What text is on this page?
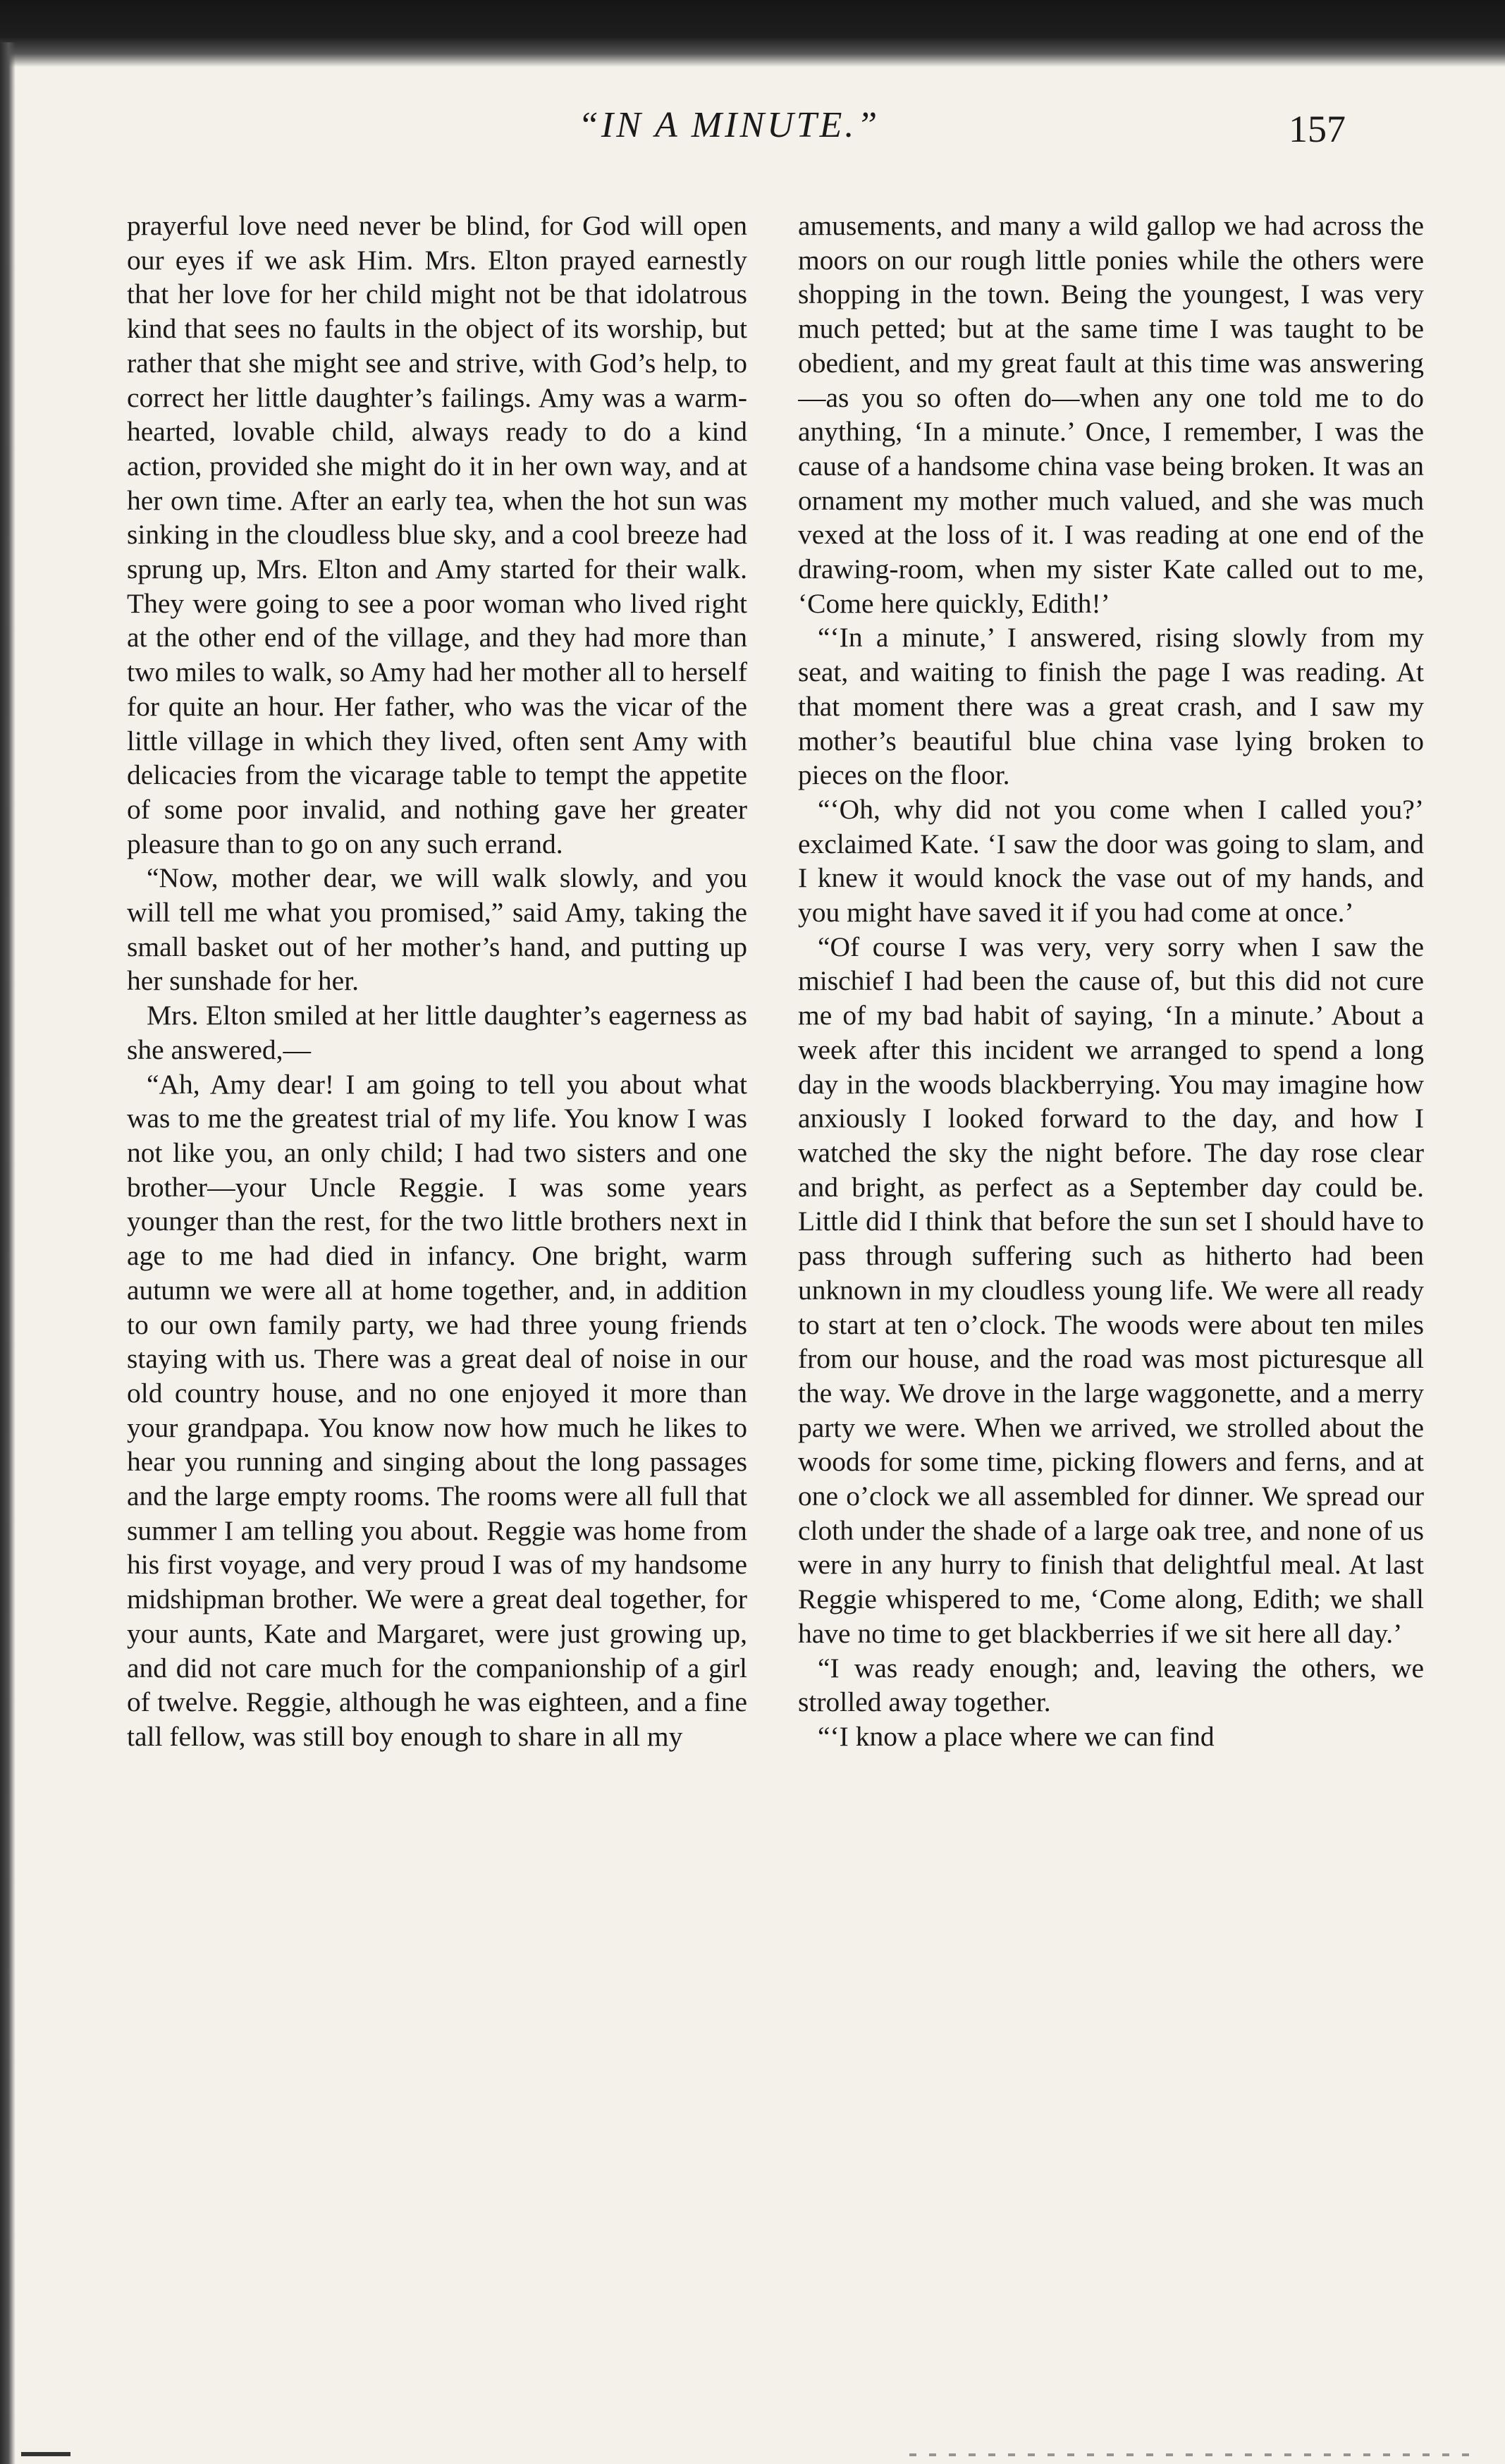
“IN A MINUTE.”	157

prayerful love need never be blind, for God will open our eyes if we ask Him. Mrs. Elton prayed earnestly that her love for her child might not be that idolatrous kind that sees no faults in the object of its worship, but rather that she might see and strive, with God’s help, to correct her little daughter’s failings. Amy was a warm-hearted, lovable child, always ready to do a kind action, provided she might do it in her own way, and at her own time. After an early tea, when the hot sun was sinking in the cloudless blue sky, and a cool breeze had sprung up, Mrs. Elton and Amy started for their walk. They were going to see a poor woman who lived right at the other end of the village, and they had more than two miles to walk, so Amy had her mother all to herself for quite an hour. Her father, who was the vicar of the little village in which they lived, often sent Amy with delicacies from the vicarage table to tempt the appetite of some poor invalid, and nothing gave her greater pleasure than to go on any such errand.

“Now, mother dear, we will walk slowly, and you will tell me what you promised,” said Amy, taking the small basket out of her mother’s hand, and putting up her sunshade for her.

Mrs. Elton smiled at her little daughter’s eagerness as she answered,—

“Ah, Amy dear! I am going to tell you about what was to me the greatest trial of my life. You know I was not like you, an only child; I had two sisters and one brother—your Uncle Reggie. I was some years younger than the rest, for the two little brothers next in age to me had died in infancy. One bright, warm autumn we were all at home together, and, in addition to our own family party, we had three young friends staying with us. There was a great deal of noise in our old country house, and no one enjoyed it more than your grandpapa. You know now how much he likes to hear you running and singing about the long passages and the large empty rooms. The rooms were all full that summer I am telling you about. Reggie was home from his first voyage, and very proud I was of my handsome midshipman brother. We were a great deal together, for your aunts, Kate and Margaret, were just growing up, and did not care much for the companionship of a girl of twelve. Reggie, although he was eighteen, and a fine tall fellow, was still boy enough to share in all my

amusements, and many a wild gallop we had across the moors on our rough little ponies while the others were shopping in the town. Being the youngest, I was very much petted; but at the same time I was taught to be obedient, and my great fault at this time was answering—as you so often do—when any one told me to do anything, ‘In a minute.’ Once, I remember, I was the cause of a handsome china vase being broken. It was an ornament my mother much valued, and she was much vexed at the loss of it. I was reading at one end of the drawing-room, when my sister Kate called out to me, ‘Come here quickly, Edith!’

“‘In a minute,’ I answered, rising slowly from my seat, and waiting to finish the page I was reading. At that moment there was a great crash, and I saw my mother’s beautiful blue china vase lying broken to pieces on the floor.

“‘Oh, why did not you come when I called you?’ exclaimed Kate. ‘I saw the door was going to slam, and I knew it would knock the vase out of my hands, and you might have saved it if you had come at once.’

“Of course I was very, very sorry when I saw the mischief I had been the cause of, but this did not cure me of my bad habit of saying, ‘In a minute.’ About a week after this incident we arranged to spend a long day in the woods blackberrying. You may imagine how anxiously I looked forward to the day, and how I watched the sky the night before. The day rose clear and bright, as perfect as a September day could be. Little did I think that before the sun set I should have to pass through suffering such as hitherto had been unknown in my cloudless young life. We were all ready to start at ten o’clock. The woods were about ten miles from our house, and the road was most picturesque all the way. We drove in the large waggonette, and a merry party we were. When we arrived, we strolled about the woods for some time, picking flowers and ferns, and at one o’clock we all assembled for dinner. We spread our cloth under the shade of a large oak tree, and none of us were in any hurry to finish that delightful meal. At last Reggie whispered to me, ‘Come along, Edith; we shall have no time to get blackberries if we sit here all day.’

“I was ready enough; and, leaving the others, we strolled away together.

“‘I know a place where we can find
